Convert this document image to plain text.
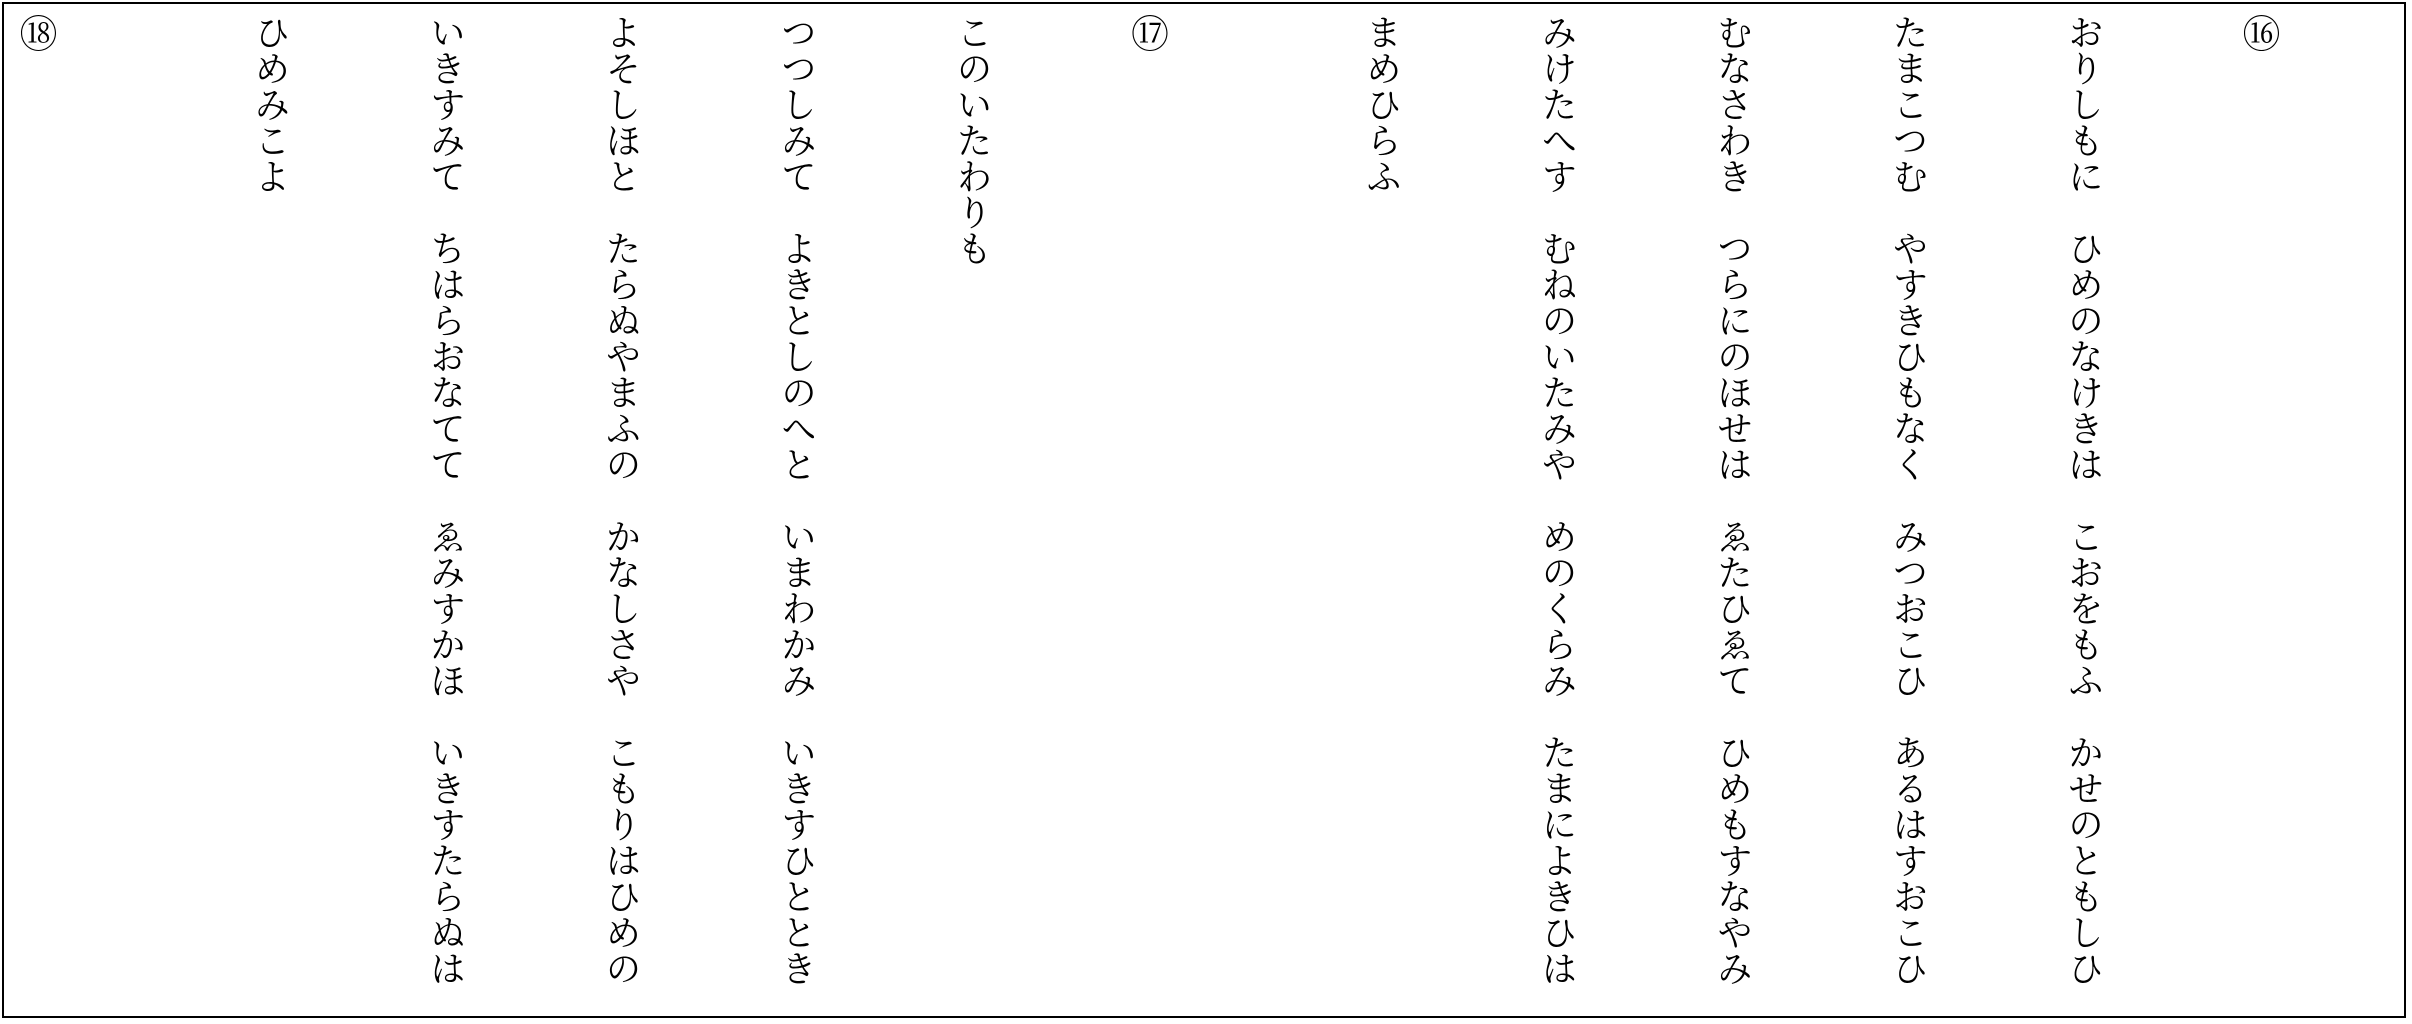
⑯

おりしもに　ひめのなけきは　こおをもふ　かせのともしひ

たまこつむ　やすきひもなく　みつおこひ　あるはすおこひ

むなさわき　つらにのほせは　ゑたひゑて　ひめもすなやみ

みけたへす　むねのいたみや　めのくらみ　たまによきひは

まめひらふ

⑰

このいたわりも

つつしみて　よきとしのへと　いまわかみ　いきすひととき

よそしほと　たらぬやまふの　かなしさや　こもりはひめの

いきすみて　ちはらおなてて　ゑみすかほ　いきすたらぬは

ひめみこよ

⑱
